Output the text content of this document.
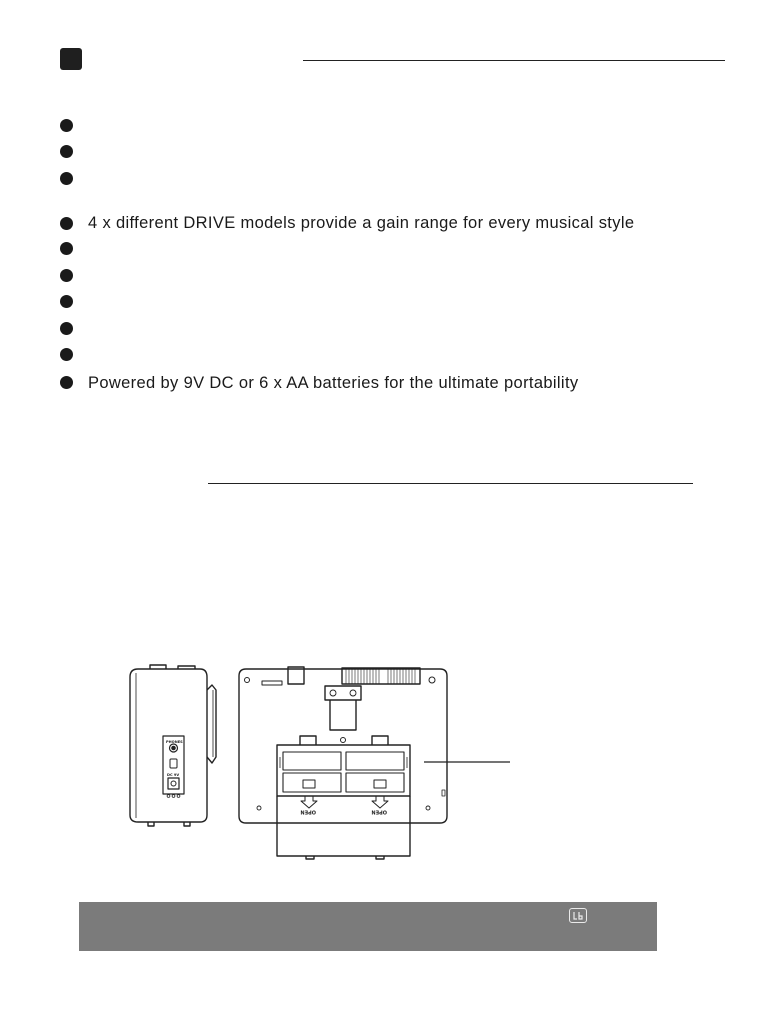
4 x different DRIVE models provide a gain range for every musical style
Powered by 9V DC or 6 x AA batteries for the ultimate portability
PHONES
DC 9V
OPEN	OPEN
